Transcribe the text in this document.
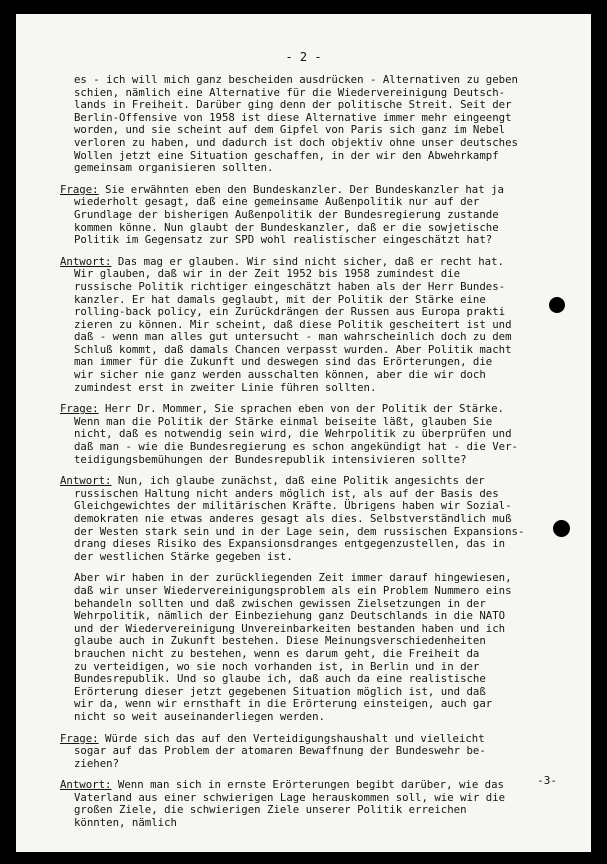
- 2 -
es - ich will mich ganz bescheiden ausdrücken - Alternativen zu geben
schien, nämlich eine Alternative für die Wiedervereinigung Deutsch-
lands in Freiheit. Darüber ging denn der politische Streit. Seit der
Berlin-Offensive von 1958 ist diese Alternative immer mehr eingeengt
worden, und sie scheint auf dem Gipfel von Paris sich ganz im Nebel
verloren zu haben, und dadurch ist doch objektiv ohne unser deutsches
Wollen jetzt eine Situation geschaffen, in der wir den Abwehrkampf
gemeinsam organisieren sollten.
Frage: Sie erwähnten eben den Bundeskanzler. Der Bundeskanzler hat ja
wiederholt gesagt, daß eine gemeinsame Außenpolitik nur auf der
Grundlage der bisherigen Außenpolitik der Bundesregierung zustande
kommen könne. Nun glaubt der Bundeskanzler, daß er die sowjetische
Politik im Gegensatz zur SPD wohl realistischer eingeschätzt hat?
Antwort: Das mag er glauben. Wir sind nicht sicher, daß er recht hat.
Wir glauben, daß wir in der Zeit 1952 bis 1958 zumindest die
russische Politik richtiger eingeschätzt haben als der Herr Bundes-
kanzler. Er hat damals geglaubt, mit der Politik der Stärke eine
rolling-back policy, ein Zurückdrängen der Russen aus Europa prakti
zieren zu können. Mir scheint, daß diese Politik gescheitert ist und
daß - wenn man alles gut untersucht - man wahrscheinlich doch zu dem
Schluß kommt, daß damals Chancen verpasst wurden. Aber Politik macht
man immer für die Zukunft und deswegen sind das Erörterungen, die
wir sicher nie ganz werden ausschalten können, aber die wir doch
zumindest erst in zweiter Linie führen sollten.
Frage: Herr Dr. Mommer, Sie sprachen eben von der Politik der Stärke.
Wenn man die Politik der Stärke einmal beiseite läßt, glauben Sie
nicht, daß es notwendig sein wird, die Wehrpolitik zu überprüfen und
daß man - wie die Bundesregierung es schon angekündigt hat - die Ver-
teidigungsbemühungen der Bundesrepublik intensivieren sollte?
Antwort: Nun, ich glaube zunächst, daß eine Politik angesichts der
russischen Haltung nicht anders möglich ist, als auf der Basis des
Gleichgewichtes der militärischen Kräfte. Übrigens haben wir Sozial-
demokraten nie etwas anderes gesagt als dies. Selbstverständlich muß
der Westen stark sein und in der Lage sein, dem russischen Expansions-
drang dieses Risiko des Expansionsdranges entgegenzustellen, das in
der westlichen Stärke gegeben ist.
Aber wir haben in der zurückliegenden Zeit immer darauf hingewiesen,
daß wir unser Wiedervereinigungsproblem als ein Problem Nummero eins
behandeln sollten und daß zwischen gewissen Zielsetzungen in der
Wehrpolitik, nämlich der Einbeziehung ganz Deutschlands in die NATO
und der Wiedervereinigung Unvereinbarkeiten bestanden haben und ich
glaube auch in Zukunft bestehen. Diese Meinungsverschiedenheiten
brauchen nicht zu bestehen, wenn es darum geht, die Freiheit da
zu verteidigen, wo sie noch vorhanden ist, in Berlin und in der
Bundesrepublik. Und so glaube ich, daß auch da eine realistische
Erörterung dieser jetzt gegebenen Situation möglich ist, und daß
wir da, wenn wir ernsthaft in die Erörterung einsteigen, auch gar
nicht so weit auseinanderliegen werden.
Frage: Würde sich das auf den Verteidigungshaushalt und vielleicht
sogar auf das Problem der atomaren Bewaffnung der Bundeswehr be-
ziehen?
Antwort: Wenn man sich in ernste Erörterungen begibt darüber, wie das
Vaterland aus einer schwierigen Lage herauskommen soll, wie wir die
großen Ziele, die schwierigen Ziele unserer Politik erreichen
könnten, nämlich
-3-
